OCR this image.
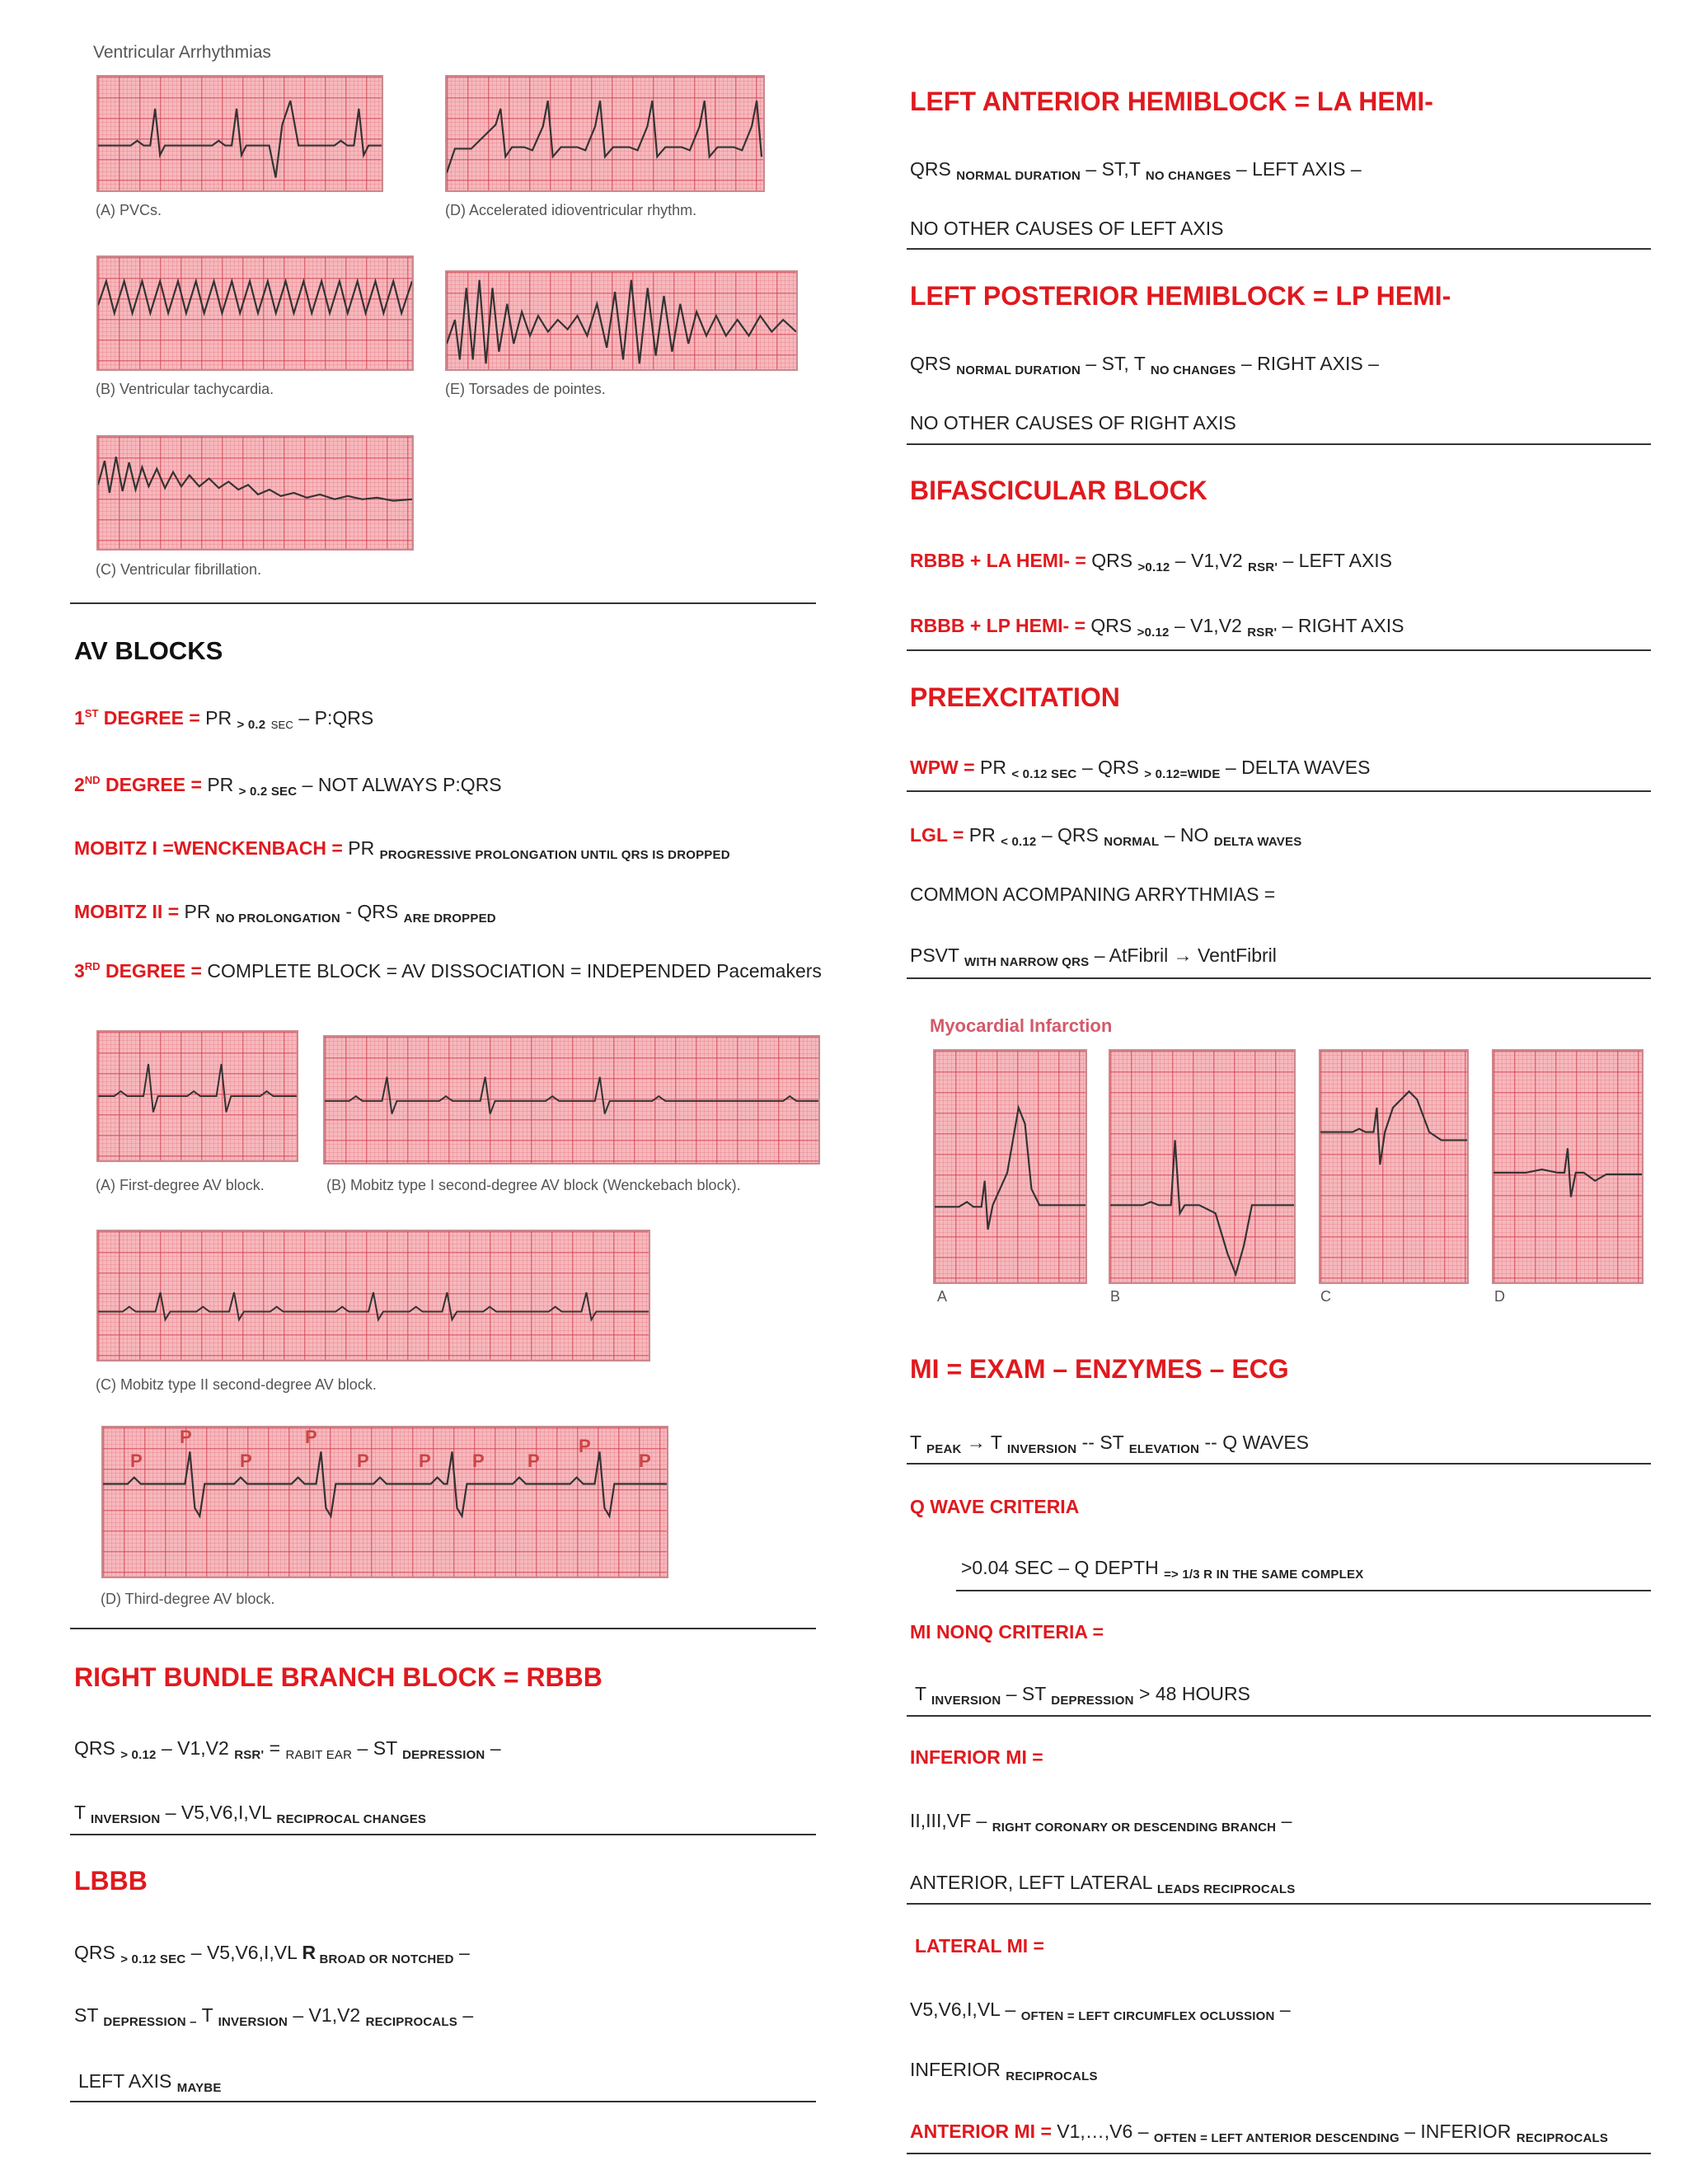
Ventricular Arrhythmias
(A) PVCs.	(D) Accelerated idioventricular rhythm.
(B) Ventricular tachycardia.	(E) Torsades de pointes.
(C) Ventricular fibrillation.
AV BLOCKS
1ST DEGREE = PR $_{> 0.2}$ $_{SEC}$ – P:QRS
2ND DEGREE = PR $_{> 0.2 SEC}$ – NOT ALWAYS P:QRS
MOBITZ I =WENCKENBACH = PR $_{PROGRESSIVE PROLONGATION UNTIL QRS IS DROPPED}$
MOBITZ II = PR $_{NO PROLONGATION}$ - QRS $_{ARE DROPPED}$
3RD DEGREE = COMPLETE BLOCK = AV DISSOCIATION = INDEPENDED Pacemakers
(A) First-degree AV block.	(B) Mobitz type I second-degree AV block (Wenckebach block).
(C) Mobitz type II second-degree AV block.
P
P
P
P
P	P P P
P
P
(D) Third-degree AV block.
RIGHT BUNDLE BRANCH BLOCK = RBBB
QRS $_{> 0.12}$ – V1,V2 $_{RSR'}$ = $_{RABIT EAR}$ – ST $_{DEPRESSION}$ –
T $_{INVERSION}$ – V5,V6,I,VL $_{RECIPROCAL CHANGES}$
LBBB
QRS $_{> 0.12 SEC}$ – V5,V6,I,VL R $_{BROAD OR NOTCHED}$ –
ST $_{DEPRESSION -}$ T $_{INVERSION}$ – V1,V2 $_{RECIPROCALS}$ –
LEFT AXIS $_{MAYBE}$
LEFT ANTERIOR HEMIBLOCK = LA HEMI-
QRS $_{NORMAL DURATION}$ – ST,T $_{NO CHANGES}$ – LEFT AXIS –
NO OTHER CAUSES OF LEFT AXIS
LEFT POSTERIOR HEMIBLOCK = LP HEMI-
QRS $_{NORMAL DURATION}$ – ST, T $_{NO CHANGES}$ – RIGHT AXIS –
NO OTHER CAUSES OF RIGHT AXIS
BIFASCICULAR BLOCK
RBBB + LA HEMI- = QRS $_{>0.12}$ – V1,V2 $_{RSR'}$ – LEFT AXIS
RBBB + LP HEMI- = QRS $_{>0.12}$ – V1,V2 $_{RSR'}$ – RIGHT AXIS
PREEXCITATION
WPW = PR $_{< 0.12 SEC}$ – QRS $_{> 0.12=WIDE}$ – DELTA WAVES
LGL = PR $_{< 0.12}$ – QRS $_{NORMAL}$ – NO $_{DELTA WAVES}$
COMMON ACOMPANING ARRYTHMIAS =
PSVT $_{WITH NARROW QRS}$ – AtFibril → VentFibril
Myocardial Infarction
A	B	C	D
MI = EXAM – ENZYMES – ECG
T $_{PEAK}$ → T $_{INVERSION}$ -- ST $_{ELEVATION}$ -- Q WAVES
Q WAVE CRITERIA
>0.04 SEC – Q DEPTH $_{=> 1/3 R IN THE SAME COMPLEX}$
MI NONQ CRITERIA =
T $_{INVERSION}$ – ST $_{DEPRESSION}$ > 48 HOURS
INFERIOR MI =
II,III,VF – $_{RIGHT CORONARY OR DESCENDING BRANCH}$ –
ANTERIOR, LEFT LATERAL $_{LEADS RECIPROCALS}$
LATERAL MI =
V5,V6,I,VL – $_{OFTEN = LEFT CIRCUMFLEX OCLUSSION}$ –
INFERIOR $_{RECIPROCALS}$
ANTERIOR MI = V1,…,V6 – $_{OFTEN = LEFT ANTERIOR DESCENDING}$ – INFERIOR $_{RECIPROCALS}$
